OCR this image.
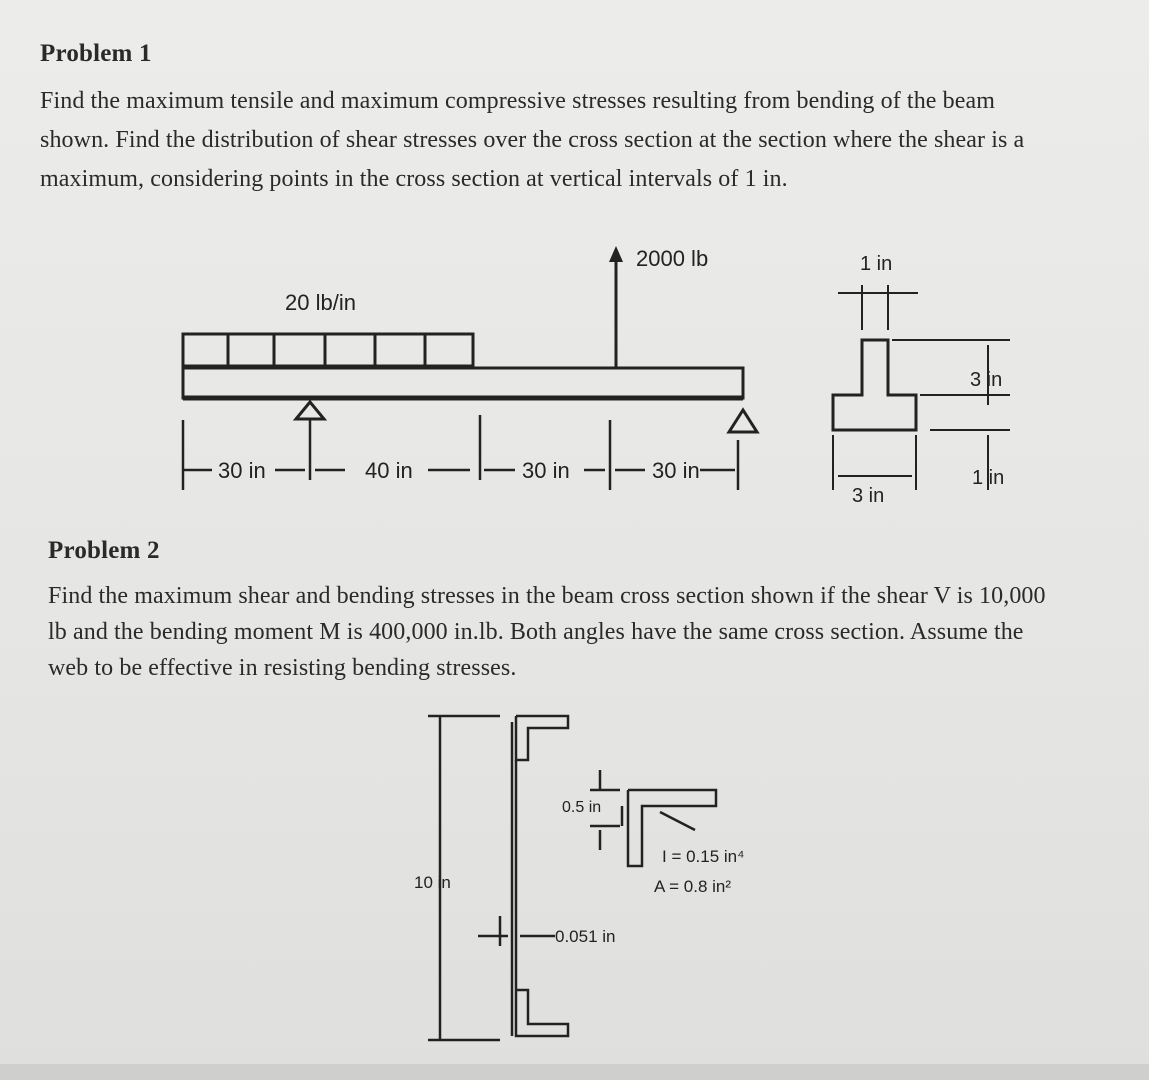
Problem 1
Find the maximum tensile and maximum compressive stresses resulting from bending of the beam
shown. Find the distribution of shear stresses over the cross section at the section where the shear is a
maximum, considering points in the cross section at vertical intervals of 1 in.
20 lb/in
2000 lb
30 in	40 in	30 in	30 in
1 in
3 in
1 in
3 in
Problem 2
Find the maximum shear and bending stresses in the beam cross section shown if the shear V is 10,000
lb and the bending moment M is 400,000 in.lb. Both angles have the same cross section. Assume the
web to be effective in resisting bending stresses.
10 in
0.5 in
I = 0.15 in⁴
A = 0.8 in²
0.051 in
